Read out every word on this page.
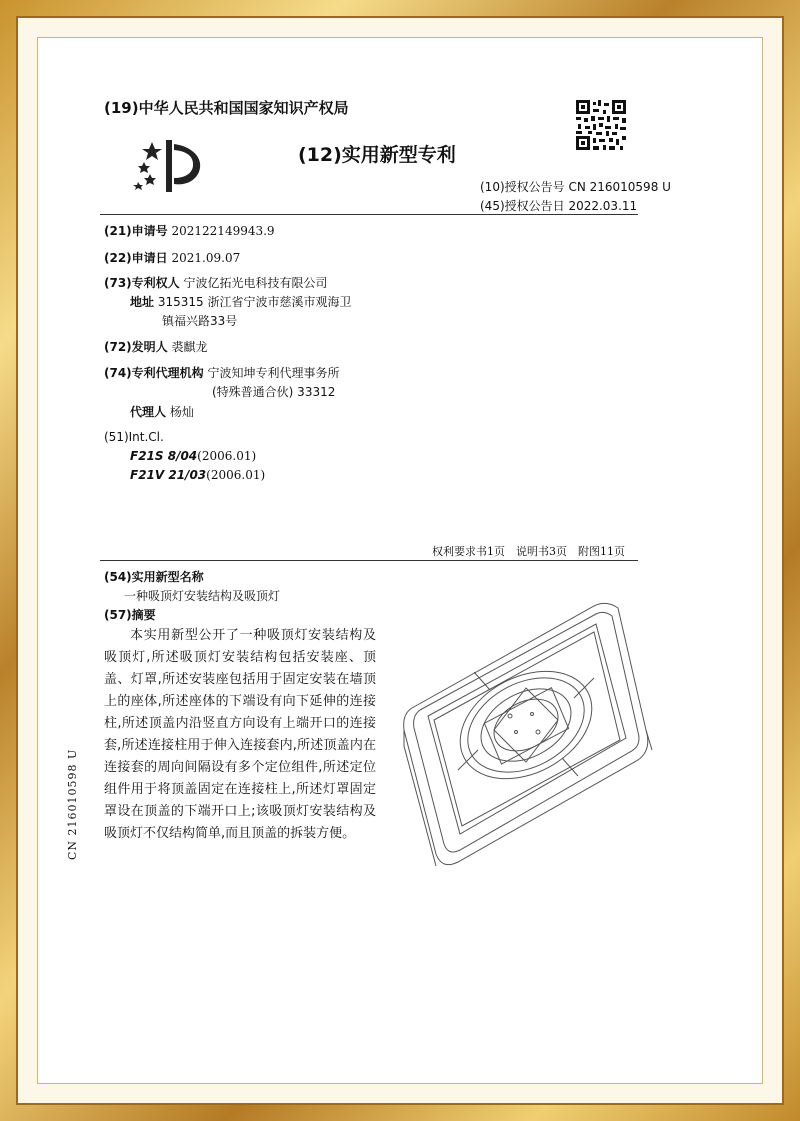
(19)中华人民共和国国家知识产权局
(12)实用新型专利
(10)授权公告号 CN 216010598 U
(45)授权公告日 2022.03.11
(21)申请号 202122149943.9
(22)申请日 2021.09.07
(73)专利权人 宁波亿拓光电科技有限公司
地址 315315 浙江省宁波市慈溪市观海卫
镇福兴路33号
(72)发明人 裘麒龙
(74)专利代理机构 宁波知坤专利代理事务所
(特殊普通合伙) 33312
代理人 杨灿
(51)Int.Cl.
F21S 8/04(2006.01)
F21V 21/03(2006.01)
权利要求书1页　说明书3页　附图11页
(54)实用新型名称
一种吸顶灯安装结构及吸顶灯
(57)摘要
本实用新型公开了一种吸顶灯安装结构及吸顶灯,所述吸顶灯安装结构包括安装座、顶盖、灯罩,所述安装座包括用于固定安装在墙顶上的座体,所述座体的下端设有向下延伸的连接柱,所述顶盖内沿竖直方向设有上端开口的连接套,所述连接柱用于伸入连接套内,所述顶盖内在连接套的周向间隔设有多个定位组件,所述定位组件用于将顶盖固定在连接柱上,所述灯罩固定罩设在顶盖的下端开口上;该吸顶灯安装结构及吸顶灯不仅结构简单,而且顶盖的拆装方便。
CN 216010598 U
